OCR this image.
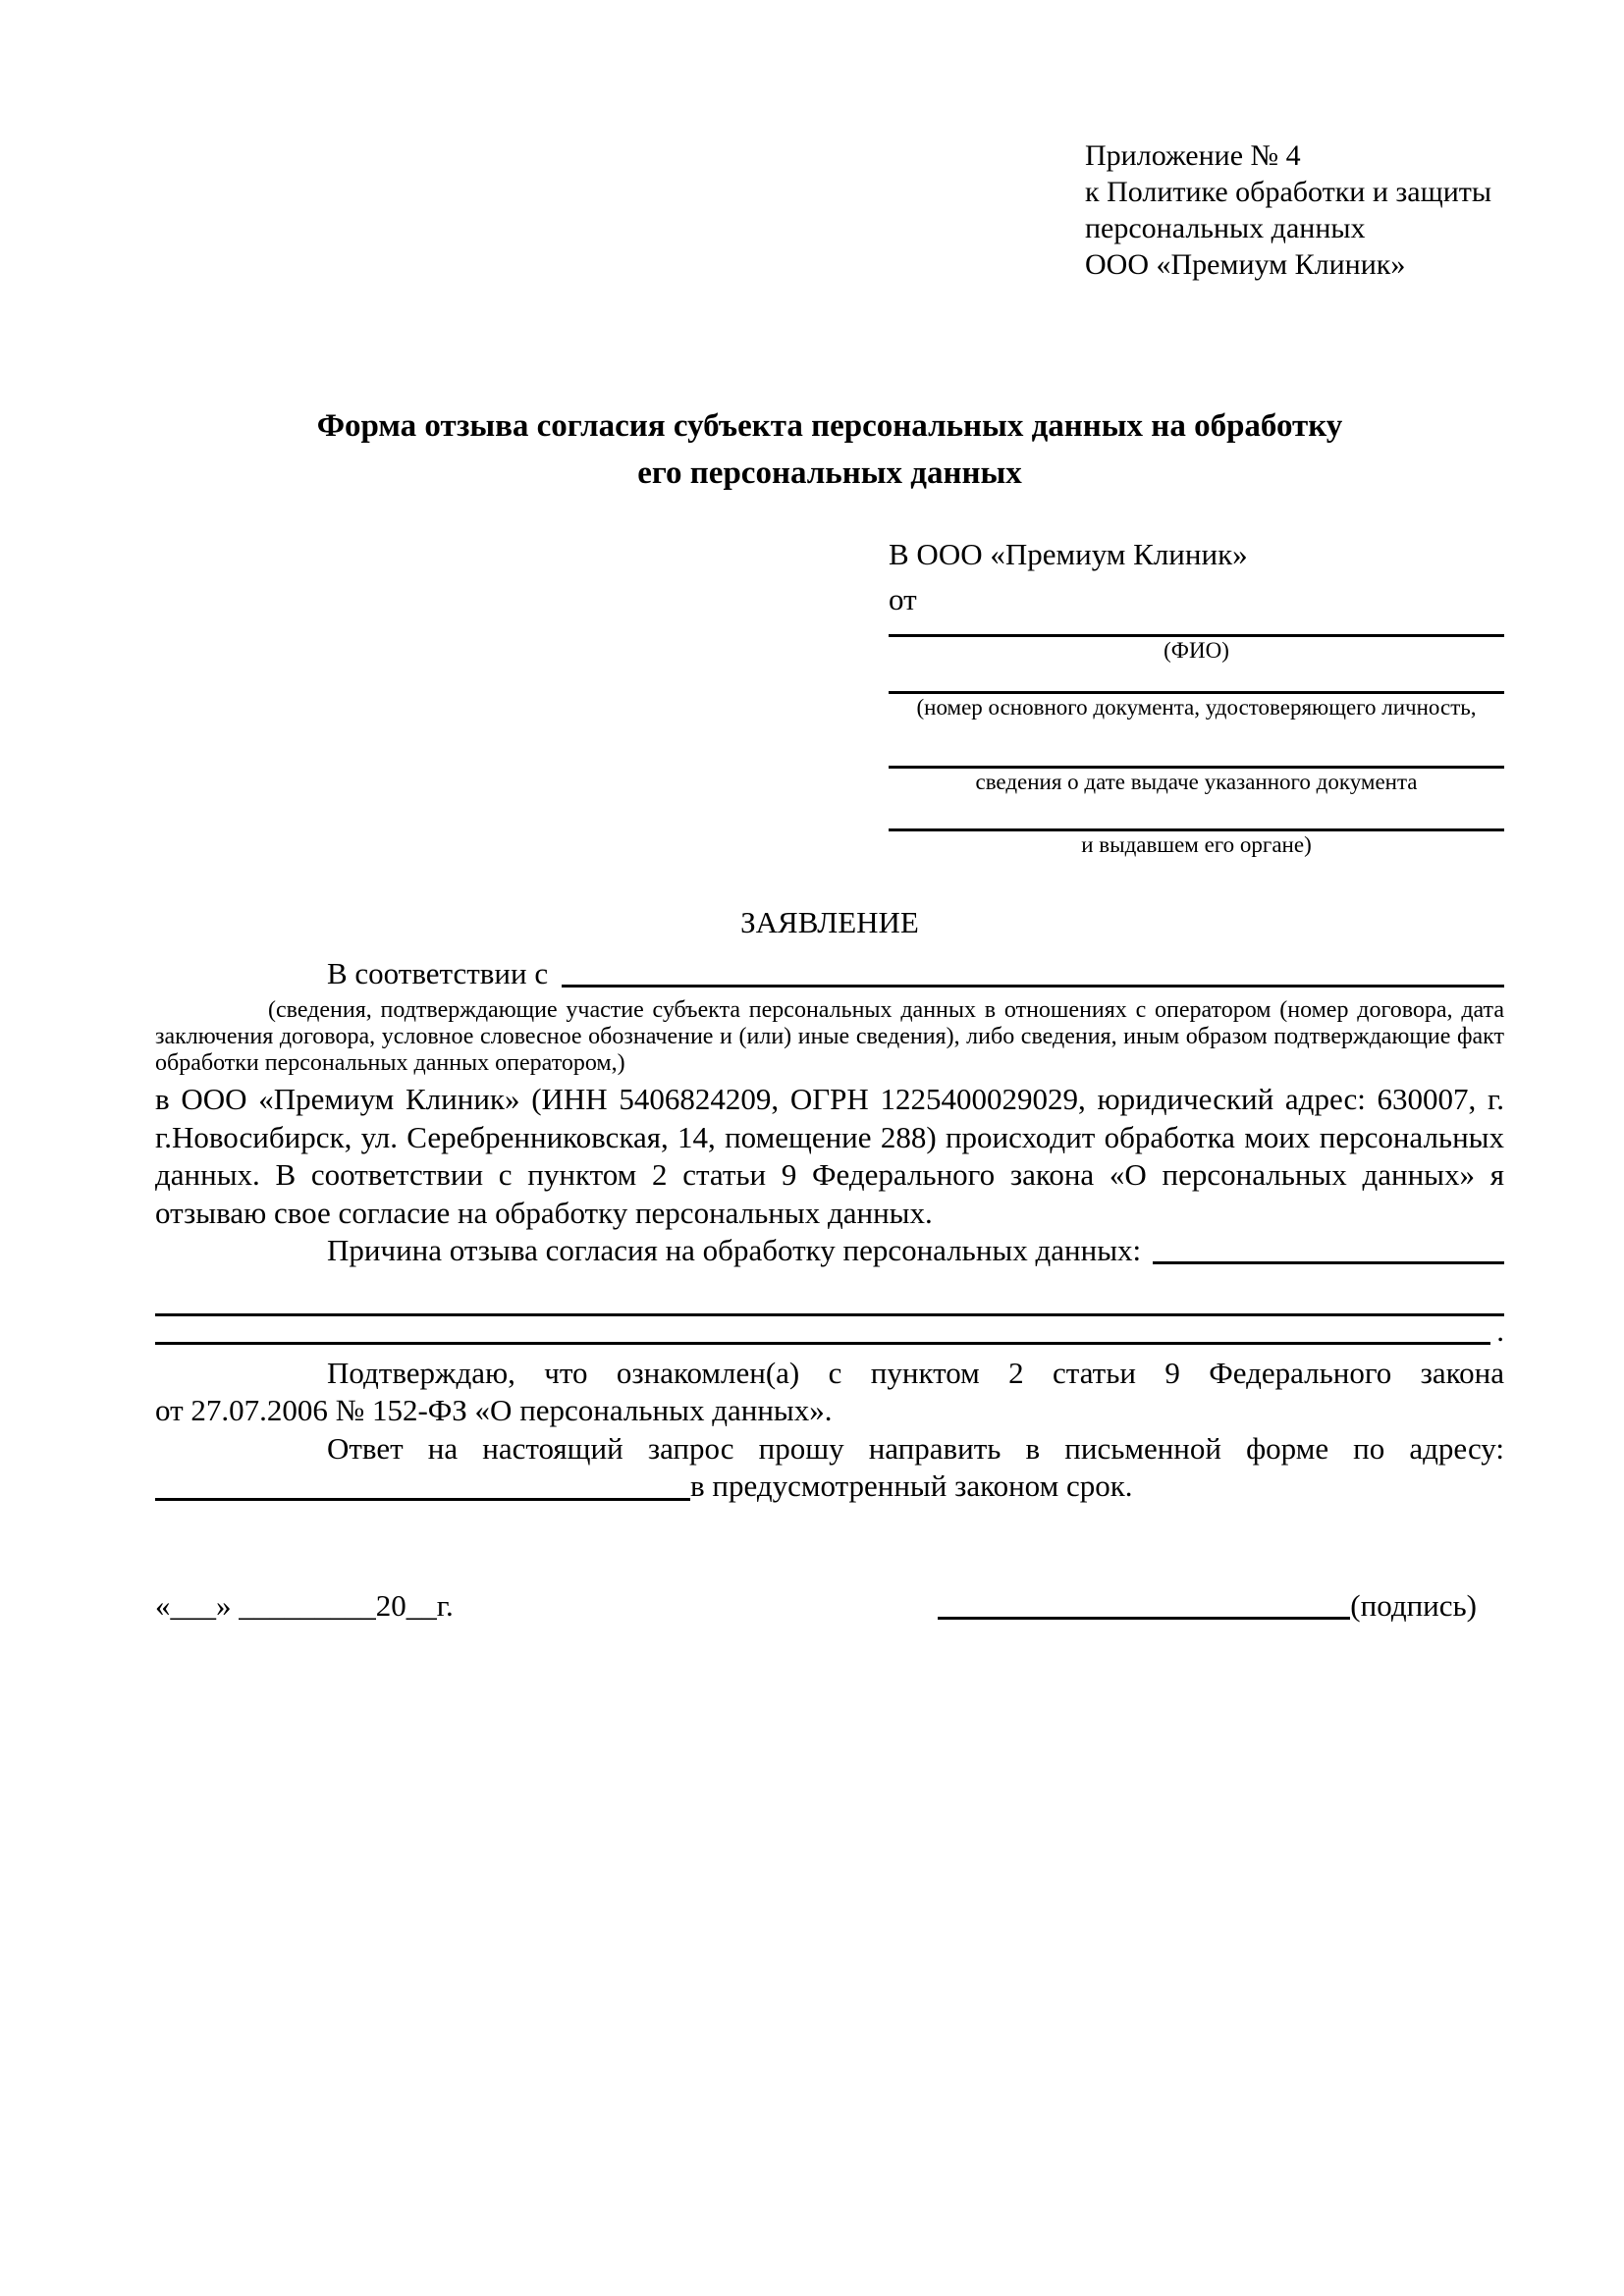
Приложение № 4
к Политике обработки и защиты
персональных данных
ООО «Премиум Клиник»
Форма отзыва согласия субъекта персональных данных на обработку
его персональных данных
В ООО «Премиум Клиник»
от
(ФИО)
(номер основного документа, удостоверяющего личность,
сведения о дате выдаче указанного документа
и выдавшем его органе)
ЗАЯВЛЕНИЕ
В соответствии с
(сведения, подтверждающие участие субъекта персональных данных в отношениях с оператором (номер договора, дата заключения договора, условное словесное обозначение и (или) иные сведения), либо сведения, иным образом подтверждающие факт обработки персональных данных оператором,)
в ООО «Премиум Клиник» (ИНН 5406824209, ОГРН 1225400029029, юридический адрес: 630007, г. г.Новосибирск, ул. Серебренниковская, 14, помещение 288) происходит обработка моих персональных данных. В соответствии с пунктом 2 статьи 9 Федерального закона «О персональных данных» я отзываю свое согласие на обработку персональных данных.
Причина отзыва согласия на обработку персональных данных:
.
Подтверждаю, что ознакомлен(а) с пунктом 2 статьи 9 Федерального закона
от 27.07.2006 № 152-ФЗ «О персональных данных».
Ответ на настоящий запрос прошу направить в письменной форме по адресу:
в предусмотренный законом срок.
«___» _________20__г.	(подпись)
